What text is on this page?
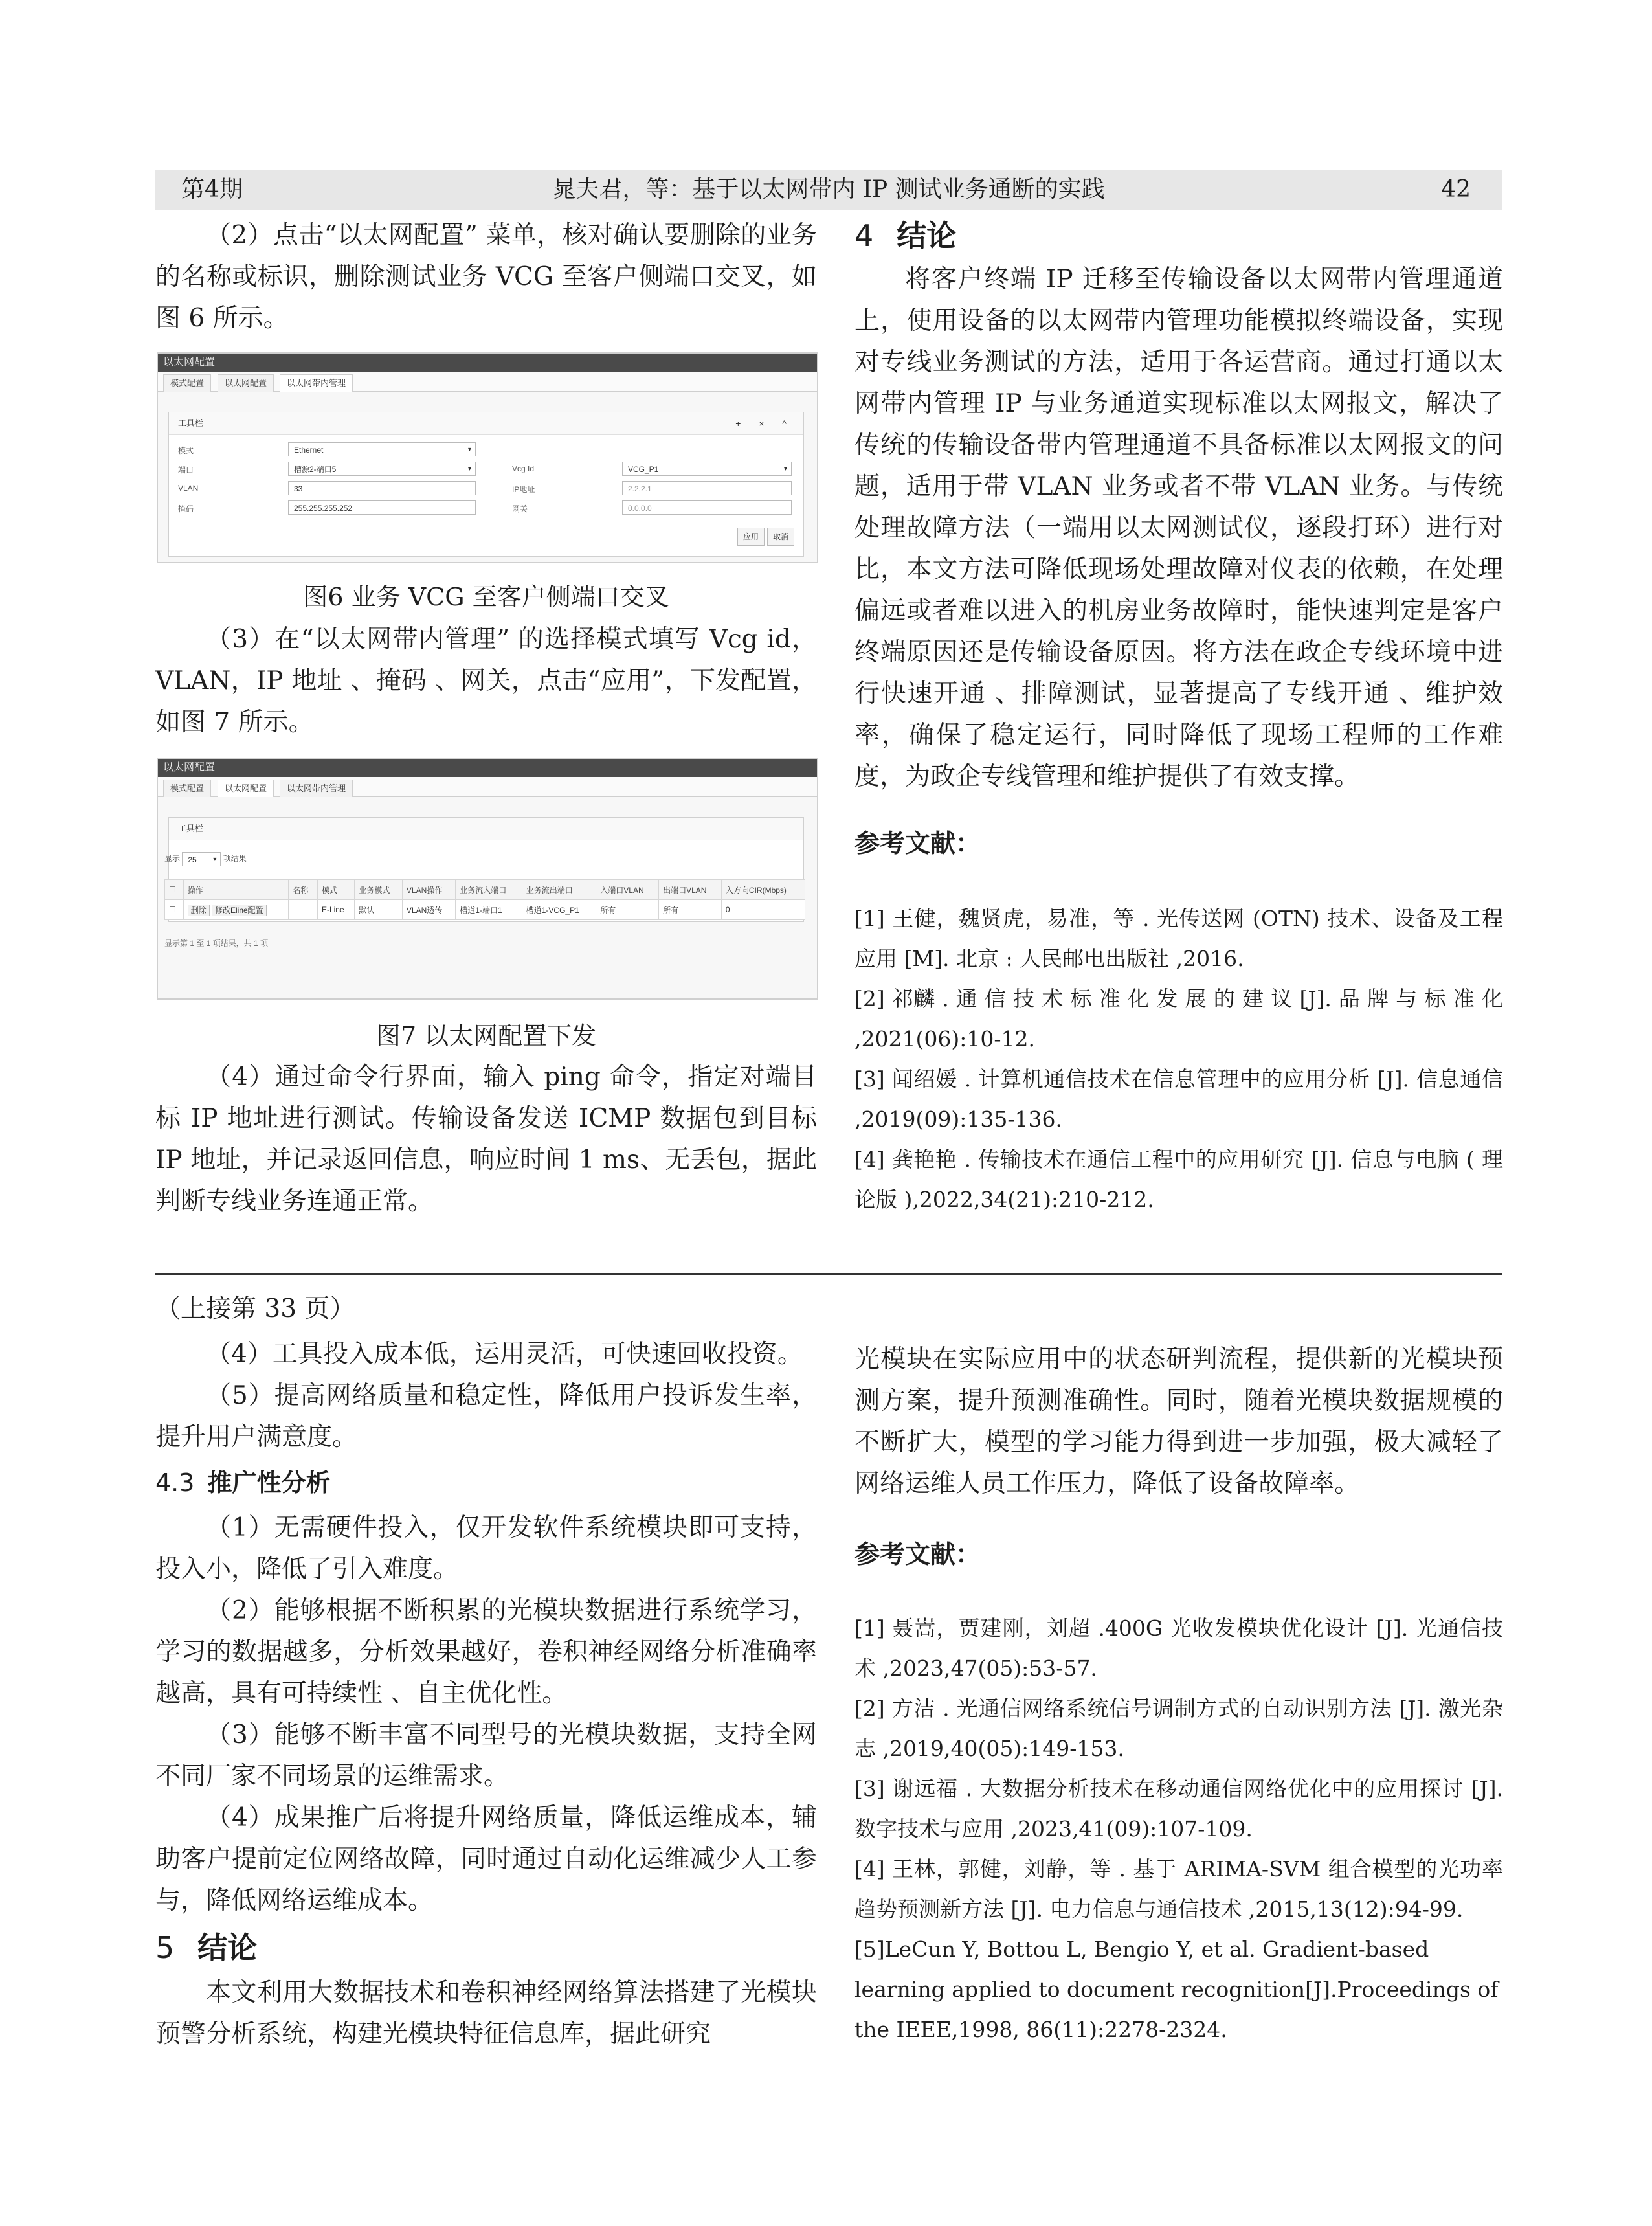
第4期	晁夫君，等：基于以太网带内 IP 测试业务通断的实践	42

（2）点击“以太网配置” 菜单，核对确认要删除的业务的名称或标识，删除测试业务 VCG 至客户侧端口交叉，如图 6 所示。

以太网配置
模式配置	以太网配置	以太网带内管理
工具栏	+ × ^
模式	Ethernet	▾
端口	槽源2-端口5	▾	Vcg Id	VCG_P1	▾
VLAN	33	IP地址	2.2.2.1
掩码	255.255.255.252	网关	0.0.0.0
应用	取消
图6 业务 VCG 至客户侧端口交叉

（3）在“以太网带内管理” 的选择模式填写 Vcg id，VLAN，IP 地址 、掩码 、网关，点击“应用”，下发配置，如图 7 所示。

以太网配置
模式配置	以太网配置	以太网带内管理
工具栏
显示 25	▾ 项结果
☐	操作	名称	模式	业务模式	VLAN操作	业务流入端口	业务流出端口	入端口VLAN	出端口VLAN	入方向CIR(Mbps)
☐	删除 修改Eline配置		E-Line	默认	VLAN透传	槽道1-端口1	槽道1-VCG_P1	所有	所有	0
显示第 1 至 1 项结果，共 1 项
图7 以太网配置下发

（4）通过命令行界面，输入 ping 命令，指定对端目标 IP 地址进行测试。传输设备发送 ICMP 数据包到目标 IP 地址，并记录返回信息，响应时间 1 ms、无丢包，据此判断专线业务连通正常。

4 结论

将客户终端 IP 迁移至传输设备以太网带内管理通道上，使用设备的以太网带内管理功能模拟终端设备，实现对专线业务测试的方法，适用于各运营商。通过打通以太网带内管理 IP 与业务通道实现标准以太网报文，解决了传统的传输设备带内管理通道不具备标准以太网报文的问题，适用于带 VLAN 业务或者不带 VLAN 业务。与传统处理故障方法（一端用以太网测试仪，逐段打环）进行对比，本文方法可降低现场处理故障对仪表的依赖，在处理偏远或者难以进入的机房业务故障时，能快速判定是客户终端原因还是传输设备原因。将方法在政企专线环境中进行快速开通 、排障测试，显著提高了专线开通 、维护效率，确保了稳定运行，同时降低了现场工程师的工作难度，为政企专线管理和维护提供了有效支撑。

参考文献：

[1] 王健，魏贤虎，易准，等 . 光传送网 (OTN) 技术、设备及工程应用 [M]. 北京 : 人民邮电出版社 ,2016.

[2] 祁麟 . 通 信 技 术 标 准 化 发 展 的 建 议 [J]. 品 牌 与 标 准 化 ,2021(06):10-12.

[3] 闻绍媛 . 计算机通信技术在信息管理中的应用分析 [J]. 信息通信 ,2019(09):135-136.

[4] 龚艳艳 . 传输技术在通信工程中的应用研究 [J]. 信息与电脑 ( 理论版 ),2022,34(21):210-212.

（上接第 33 页）

（4）工具投入成本低，运用灵活，可快速回收投资。

（5）提高网络质量和稳定性，降低用户投诉发生率，提升用户满意度。

4.3 推广性分析

（1）无需硬件投入，仅开发软件系统模块即可支持，投入小，降低了引入难度。

（2）能够根据不断积累的光模块数据进行系统学习，学习的数据越多，分析效果越好，卷积神经网络分析准确率越高，具有可持续性 、自主优化性。

（3）能够不断丰富不同型号的光模块数据，支持全网不同厂家不同场景的运维需求。

（4）成果推广后将提升网络质量，降低运维成本，辅助客户提前定位网络故障，同时通过自动化运维减少人工参与，降低网络运维成本。

5 结论

本文利用大数据技术和卷积神经网络算法搭建了光模块预警分析系统，构建光模块特征信息库，据此研究

光模块在实际应用中的状态研判流程，提供新的光模块预测方案，提升预测准确性。同时，随着光模块数据规模的不断扩大，模型的学习能力得到进一步加强，极大减轻了网络运维人员工作压力，降低了设备故障率。

参考文献：

[1] 聂嵩，贾建刚，刘超 .400G 光收发模块优化设计 [J]. 光通信技术 ,2023,47(05):53-57.

[2] 方洁 . 光通信网络系统信号调制方式的自动识别方法 [J]. 激光杂志 ,2019,40(05):149-153.

[3] 谢远福 . 大数据分析技术在移动通信网络优化中的应用探讨 [J]. 数字技术与应用 ,2023,41(09):107-109.

[4] 王林，郭健，刘静，等 . 基于 ARIMA-SVM 组合模型的光功率趋势预测新方法 [J]. 电力信息与通信技术 ,2015,13(12):94-99.

[5]LeCun Y, Bottou L, Bengio Y, et al. Gradient-based learning applied to document recognition[J].Proceedings of the IEEE,1998, 86(11):2278-2324.
